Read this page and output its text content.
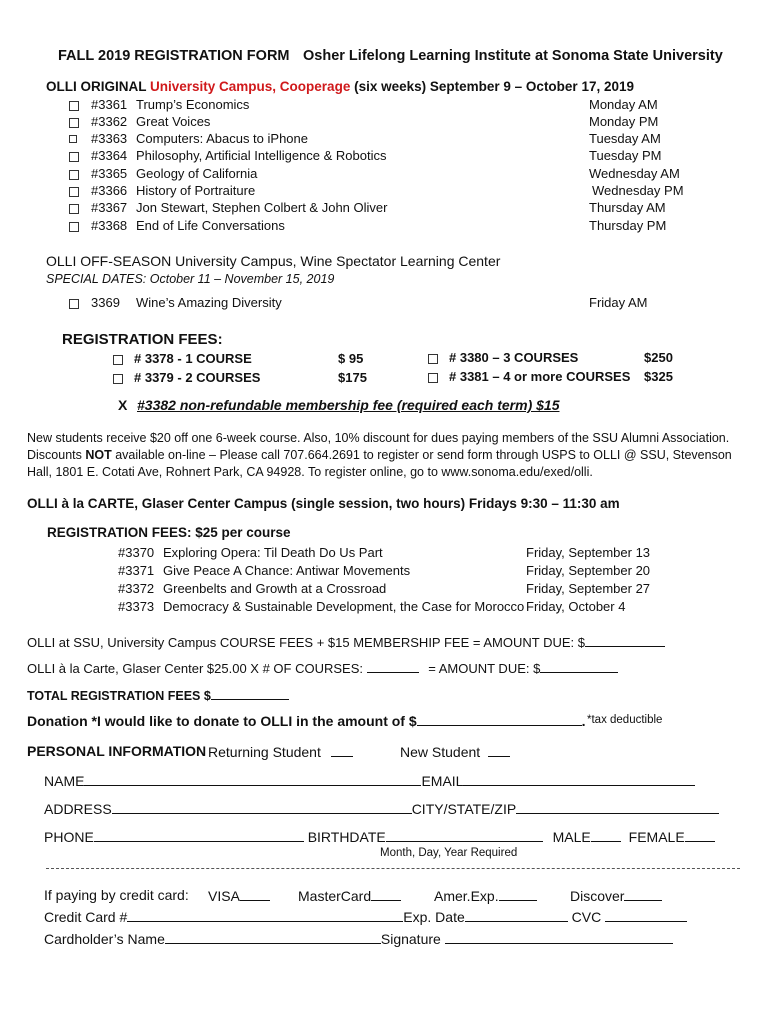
FALL 2019 REGISTRATION FORM Osher Lifelong Learning Institute at Sonoma State University
OLLI ORIGINAL University Campus, Cooperage (six weeks) September 9 – October 17, 2019
#3361 Trump’s Economics	Monday AM
#3362 Great Voices	Monday PM
#3363 Computers: Abacus to iPhone	Tuesday AM
#3364 Philosophy, Artificial Intelligence & Robotics	Tuesday PM
#3365 Geology of California	Wednesday AM
#3366 History of Portraiture	Wednesday PM
#3367 Jon Stewart, Stephen Colbert & John Oliver	Thursday AM
#3368 End of Life Conversations	Thursday PM
OLLI OFF-SEASON University Campus, Wine Spectator Learning Center
SPECIAL DATES: October 11 – November 15, 2019
3369 Wine’s Amazing Diversity	Friday AM
REGISTRATION FEES:
# 3378 - 1 COURSE	$ 95
# 3379 - 2 COURSES	$175
# 3380 – 3 COURSES	$250
# 3381 – 4 or more COURSES $325
X #3382 non-refundable membership fee (required each term) $15
New students receive $20 off one 6-week course. Also, 10% discount for dues paying members of the SSU Alumni Association.
Discounts NOT available on-line – Please call 707.664.2691 to register or send form through USPS to OLLI @ SSU, Stevenson
Hall, 1801 E. Cotati Ave, Rohnert Park, CA 94928. To register online, go to www.sonoma.edu/exed/olli.
OLLI à la CARTE, Glaser Center Campus (single session, two hours) Fridays 9:30 – 11:30 am
REGISTRATION FEES: $25 per course
#3370 Exploring Opera: Til Death Do Us Part	Friday, September 13
#3371 Give Peace A Chance: Antiwar Movements	Friday, September 20
#3372 Greenbelts and Growth at a Crossroad	Friday, September 27
#3373 Democracy & Sustainable Development, the Case for Morocco Friday, October 4
OLLI at SSU, University Campus COURSE FEES + $15 MEMBERSHIP FEE = AMOUNT DUE: $
OLLI à la Carte, Glaser Center $25.00 X # OF COURSES:	= AMOUNT DUE: $
TOTAL REGISTRATION FEES $
Donation *I would like to donate to OLLI in the amount of $	. *tax deductible
PERSONAL INFORMATION Returning Student	New Student
NAME	EMAIL
ADDRESS	CITY/STATE/ZIP
PHONE	BIRTHDATE	MALE	FEMALE
Month, Day, Year Required
If paying by credit card: VISA	MasterCard	Amer.Exp.	Discover
Credit Card #	Exp. Date	CVC
Cardholder’s Name	Signature
